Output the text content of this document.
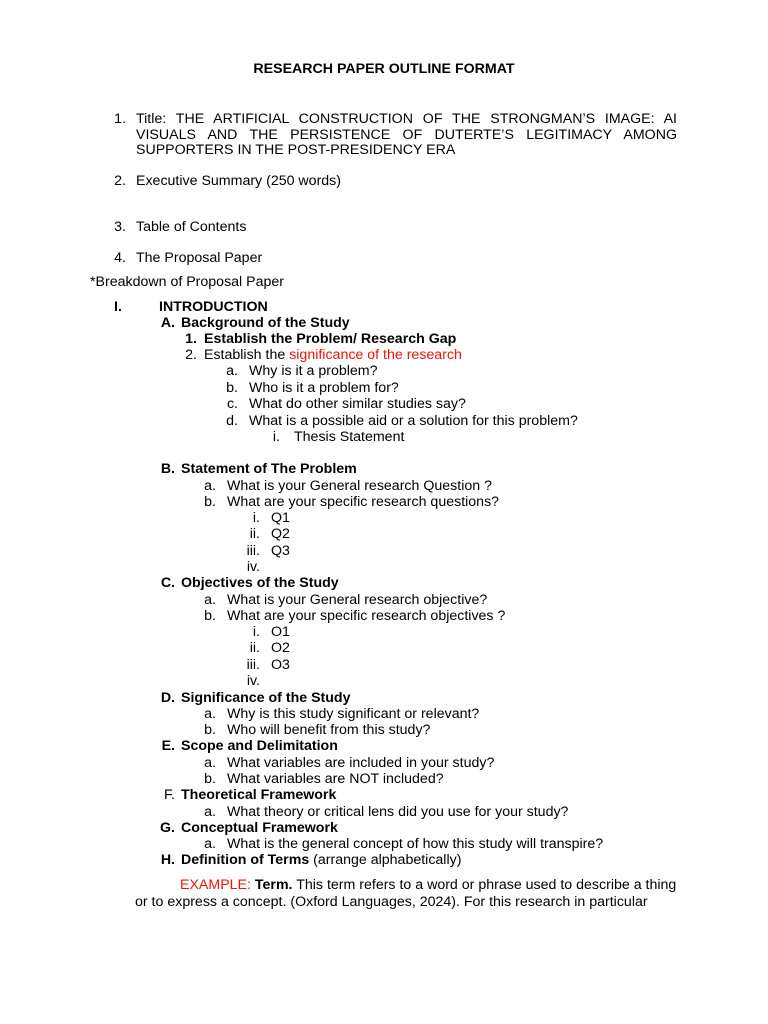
RESEARCH PAPER OUTLINE FORMAT
1. Title: THE ARTIFICIAL CONSTRUCTION OF THE STRONGMAN’S IMAGE: AI
VISUALS AND THE PERSISTENCE OF DUTERTE’S LEGITIMACY AMONG
SUPPORTERS IN THE POST-PRESIDENCY ERA
2. Executive Summary (250 words)
3. Table of Contents
4. The Proposal Paper
*Breakdown of Proposal Paper
I.	INTRODUCTION
A. Background of the Study
1. Establish the Problem/ Research Gap
2. Establish the significance of the research
a. Why is it a problem?
b. Who is it a problem for?
c. What do other similar studies say?
d. What is a possible aid or a solution for this problem?
i. Thesis Statement
B. Statement of The Problem
a. What is your General research Question ?
b. What are your specific research questions?
i. Q1
ii. Q2
iii. Q3
iv.
C. Objectives of the Study
a. What is your General research objective?
b. What are your specific research objectives ?
i. O1
ii. O2
iii. O3
iv.
D. Significance of the Study
a. Why is this study significant or relevant?
b. Who will benefit from this study?
E. Scope and Delimitation
a. What variables are included in your study?
b. What variables are NOT included?
F. Theoretical Framework
a. What theory or critical lens did you use for your study?
G. Conceptual Framework
a. What is the general concept of how this study will transpire?
H. Definition of Terms (arrange alphabetically)
EXAMPLE: Term. This term refers to a word or phrase used to describe a thing or to express a concept. (Oxford Languages, 2024). For this research in particular
